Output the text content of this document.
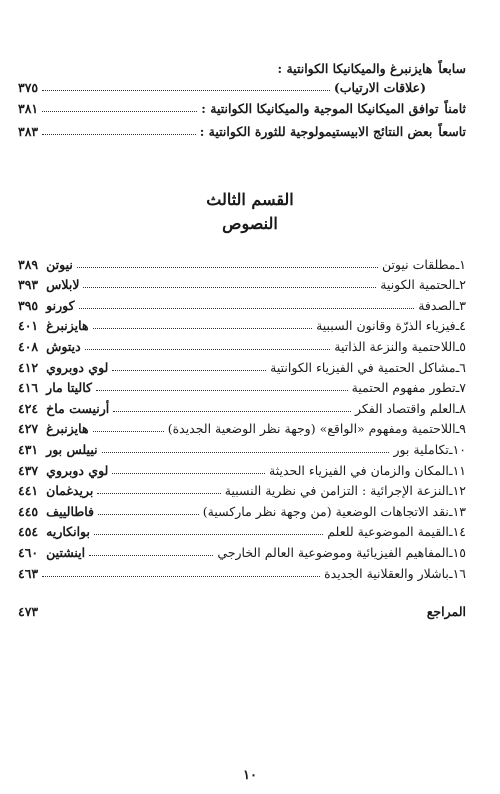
سابعاً
: هايزنبرغ والميكانيكا الكوانتية
(علاقات الارتياب)
٣٧٥
ثامناً
: توافق الميكانيكا الموجية والميكانيكا الكوانتية
٣٨١
تاسعاً
: بعض النتائج الابيستيمولوجية للثورة الكوانتية
٣٨٣
القسم الثالث
النصوص
١
ـ
مطلقات نيوتن
نيوتن
٣٨٩
٢
ـ
الحتمية الكونية
لابلاس
٣٩٣
٣
ـ
الصدفة
كورنو
٣٩٥
٤
ـ
فيزياء الذرّة وقانون السببية
هايزنبرغ
٤٠١
٥
ـ
اللاحتمية والنزعة الذاتية
ديتوش
٤٠٨
٦
ـ
مشاكل الحتمية في الفيزياء الكوانتية
لوي دوبروي
٤١٢
٧
ـ
تطور مفهوم الحتمية
كاليتا مار
٤١٦
٨
ـ
العلم واقتصاد الفكر
أرنيست ماخ
٤٢٤
٩
ـ
اللاحتمية ومفهوم «الواقع» (وجهة نظر الوضعية الجديدة)
هايزنبرغ
٤٢٧
١٠
ـ
تكاملية بور
نييلس بور
٤٣١
١١
ـ
المكان والزمان في الفيزياء الحديثة
لوي دوبروي
٤٣٧
١٢
ـ
النزعة الإجرائية : التزامن في نظرية النسبية
بريدغمان
٤٤١
١٣
ـ
نقد الاتجاهات الوضعية (من وجهة نظر ماركسية)
فاطالييف
٤٤٥
١٤
ـ
القيمة الموضوعية للعلم
بوانكاريه
٤٥٤
١٥
ـ
المفاهيم الفيزيائية وموضوعية العالم الخارجي
اينشتين
٤٦٠
١٦
ـ
باشلار والعقلانية الجديدة
٤٦٣
المراجع
٤٧٣
١٠
